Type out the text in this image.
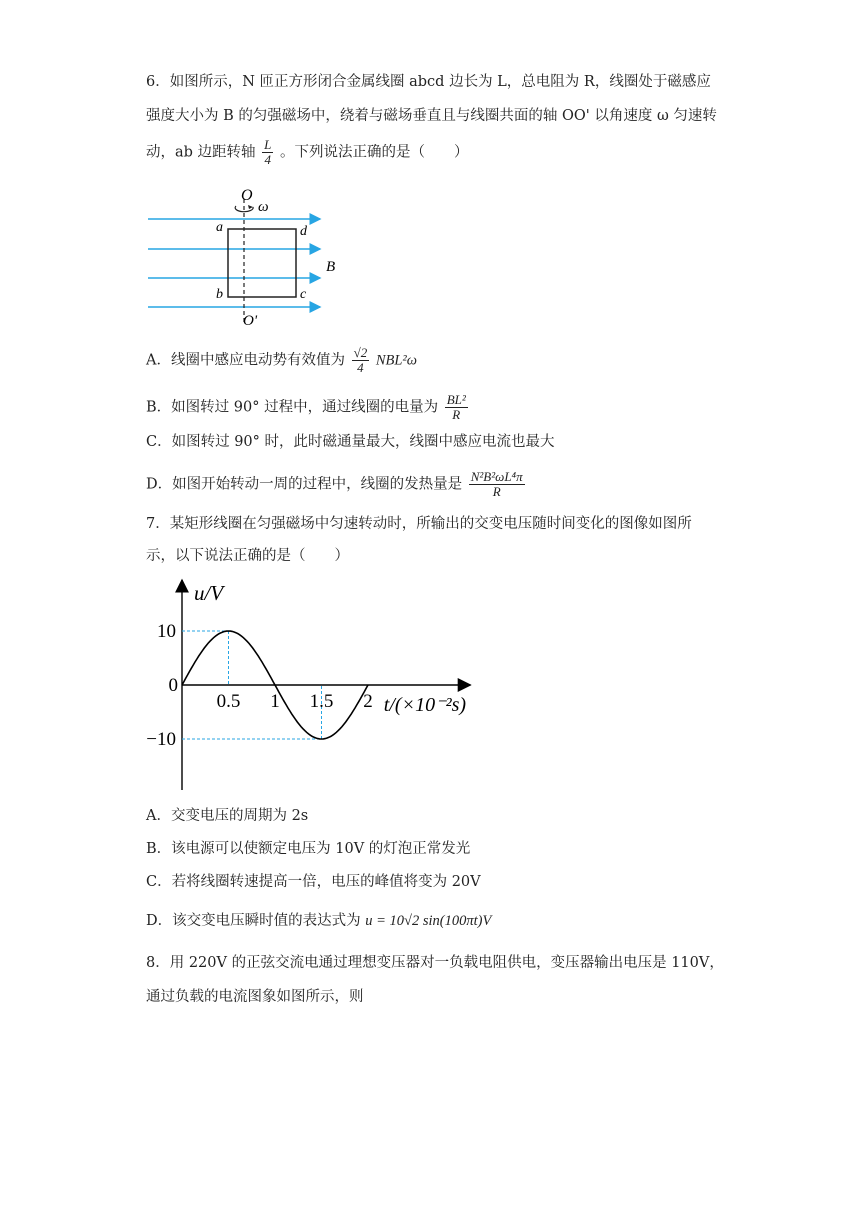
6．如图所示，N 匝正方形闭合金属线圈 abcd 边长为 L，总电阻为 R，线圈处于磁感应
强度大小为 B 的匀强磁场中，绕着与磁场垂直且与线圈共面的轴 OO' 以角速度 ω 匀速转
动，ab 边距转轴 $\frac{L}{4}$ 。下列说法正确的是（　　）
O
ω
B
a	d
b	c
O'
A．线圈中感应电动势有效值为 $\frac{√2}{4} NBL^2\omega$
B．如图转过 90° 过程中，通过线圈的电量为 $\frac{\text{BL²}}{R}$
C．如图转过 90° 时，此时磁通量最大，线圈中感应电流也最大
D．如图开始转动一周的过程中，线圈的发热量是 $\frac{\text{N²B²ωL⁴π}}{R}$
7．某矩形线圈在匀强磁场中匀速转动时，所输出的交变电压随时间变化的图像如图所
示，以下说法正确的是（　　）
0.5 1 1.5 2
10
0
−10
u/V
t/(×10⁻²s)
A．交变电压的周期为 2s
B．该电源可以使额定电压为 10V 的灯泡正常发光
C．若将线圈转速提高一倍，电压的峰值将变为 20V
D．该交变电压瞬时值的表达式为 u = 10√2 sin(100πt)V
8．用 220V 的正弦交流电通过理想变压器对一负载电阻供电，变压器输出电压是 110V，
通过负载的电流图象如图所示，则
